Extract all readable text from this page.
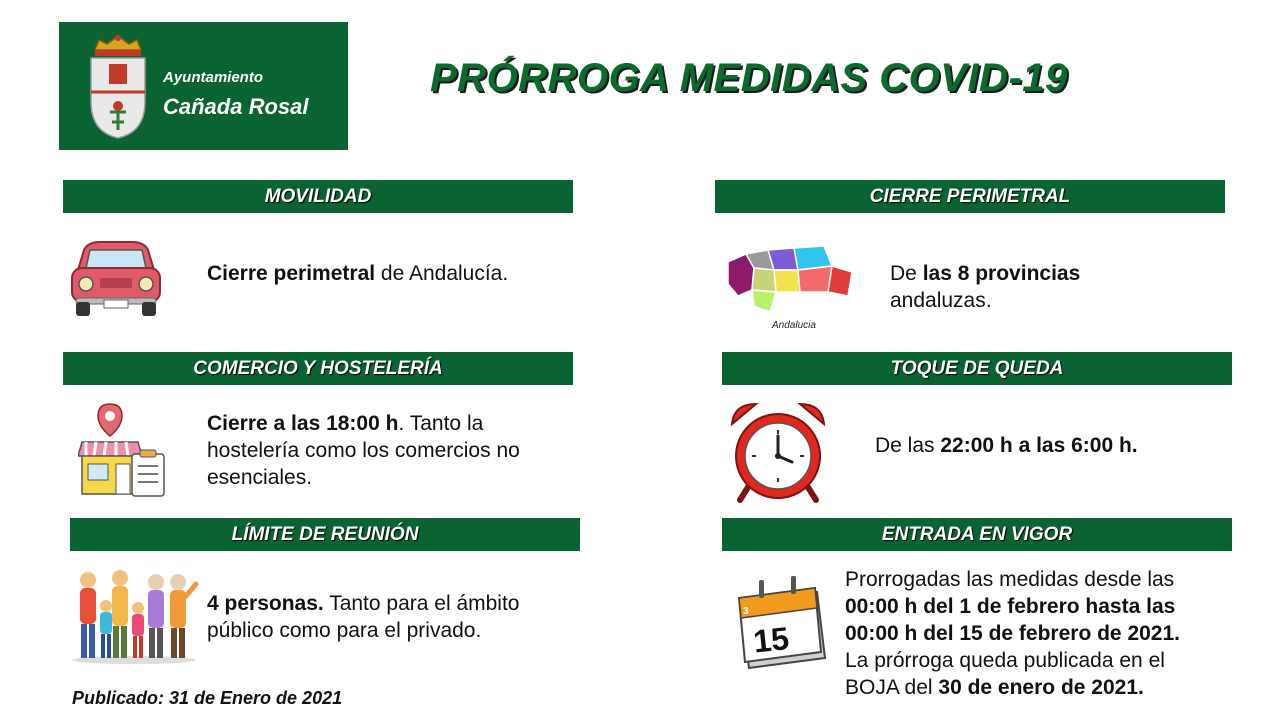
Ayuntamiento
Cañada Rosal
PRÓRROGA MEDIDAS COVID-19
MOVILIDAD
Cierre perimetral de Andalucía.
CIERRE PERIMETRAL
Andalucia
De las 8 provincias
andaluzas.
COMERCIO Y HOSTELERÍA
Cierre a las 18:00 h. Tanto la
hostelería como los comercios no
esenciales.
TOQUE DE QUEDA
De las 22:00 h a las 6:00 h.
LÍMITE DE REUNIÓN
4 personas. Tanto para el ámbito
público como para el privado.
ENTRADA EN VIGOR
3
15
Prorrogadas las medidas desde las
00:00 h del 1 de febrero hasta las
00:00 h del 15 de febrero de 2021.
La prórroga queda publicada en el
BOJA del 30 de enero de 2021.
Publicado: 31 de Enero de 2021
